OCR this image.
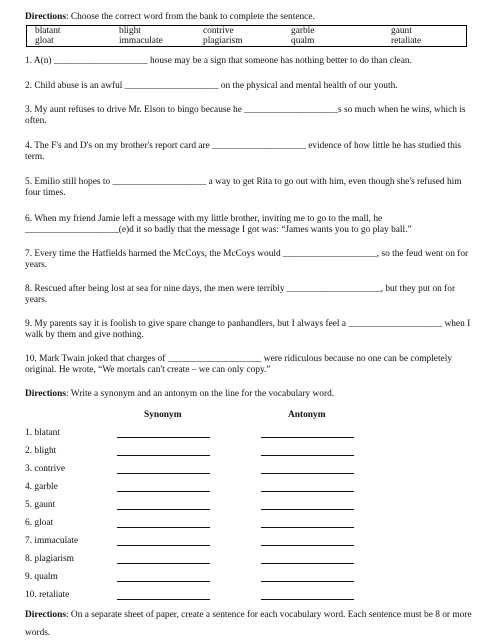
Directions: Choose the correct word from the bank to complete the sentence.

blatant	blight	contrive	garble	gaunt
gloat	immaculate	plagiarism	qualm	retaliate

1. A(n) ____________________ house may be a sign that someone has nothing better to do than clean.

2. Child abuse is an awful ____________________ on the physical and mental health of our youth.

3. My aunt refuses to drive Mr. Elson to bingo because he ____________________s so much when he wins, which is often.

4. The F's and D's on my brother's report card are ____________________ evidence of how little he has studied this term.

5. Emilio still hopes to ____________________ a way to get Rita to go out with him, even though she's refused him four times.

6. When my friend Jamie left a message with my little brother, inviting me to go to the mall, he ____________________(e)d it so badly that the message I got was: “James wants you to go play ball.”

7. Every time the Hatfields harmed the McCoys, the McCoys would ____________________, so the feud went on for years.

8. Rescued after being lost at sea for nine days, the men were terribly ____________________, but they put on for years.

9. My parents say it is foolish to give spare change to panhandlers, but I always feel a ____________________ when I walk by them and give nothing.

10. Mark Twain joked that charges of ____________________ were ridiculous because no one can be completely original. He wrote, “We mortals can't create – we can only copy.”

Directions: Write a synonym and an antonym on the line for the vocabulary word.

Synonym	Antonym
1. blatant
2. blight
3. contrive
4. garble
5. gaunt
6. gloat
7. immaculate
8. plagiarism
9. qualm
10. retaliate

Directions: On a separate sheet of paper, create a sentence for each vocabulary word. Each sentence must be 8 or more words.
